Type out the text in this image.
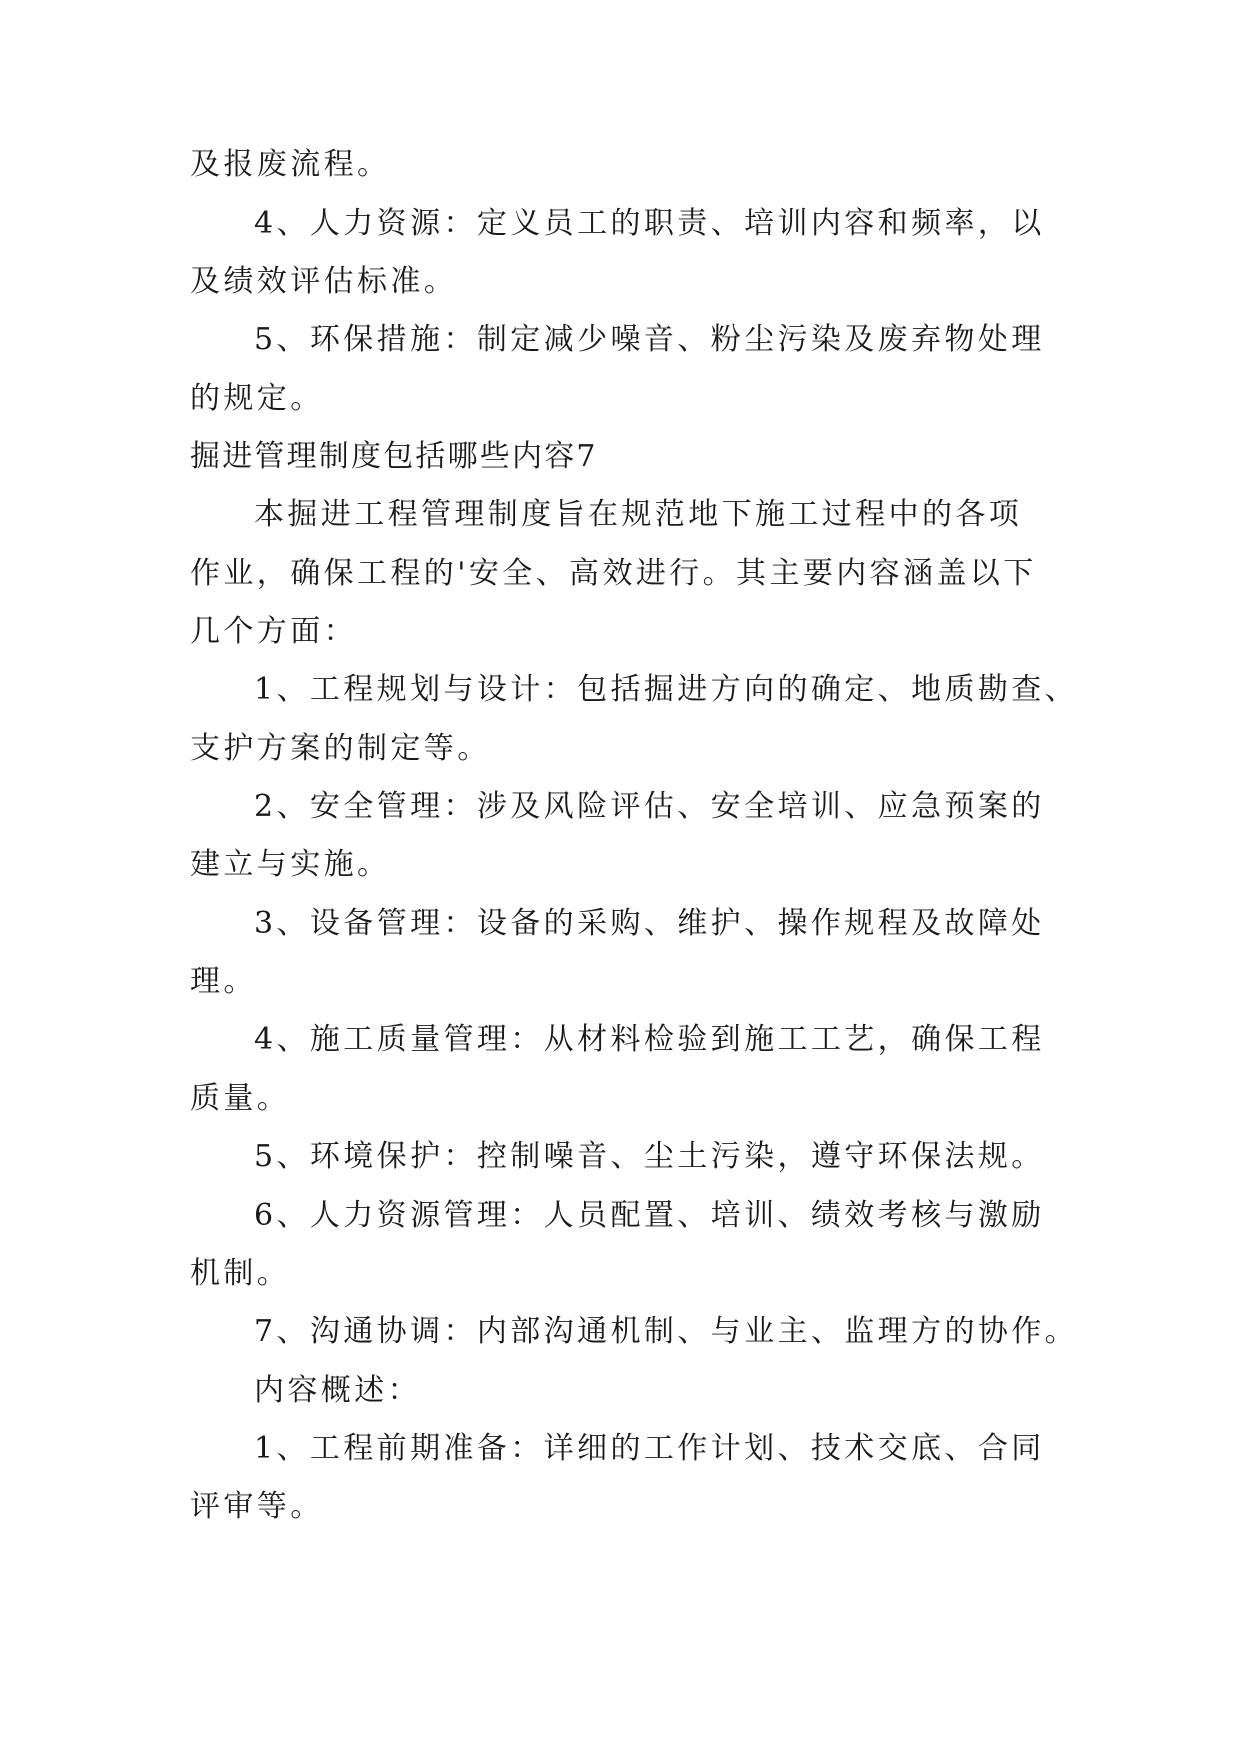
及报废流程。

4、人力资源：定义员工的职责、培训内容和频率，以

及绩效评估标准。

5、环保措施：制定减少噪音、粉尘污染及废弃物处理

的规定。

掘进管理制度包括哪些内容7

本掘进工程管理制度旨在规范地下施工过程中的各项

作业，确保工程的'安全、高效进行。其主要内容涵盖以下

几个方面：

1、工程规划与设计：包括掘进方向的确定、地质勘查、

支护方案的制定等。

2、安全管理：涉及风险评估、安全培训、应急预案的

建立与实施。

3、设备管理：设备的采购、维护、操作规程及故障处

理。

4、施工质量管理：从材料检验到施工工艺，确保工程

质量。

5、环境保护：控制噪音、尘土污染，遵守环保法规。

6、人力资源管理：人员配置、培训、绩效考核与激励

机制。

7、沟通协调：内部沟通机制、与业主、监理方的协作。

内容概述：

1、工程前期准备：详细的工作计划、技术交底、合同

评审等。
